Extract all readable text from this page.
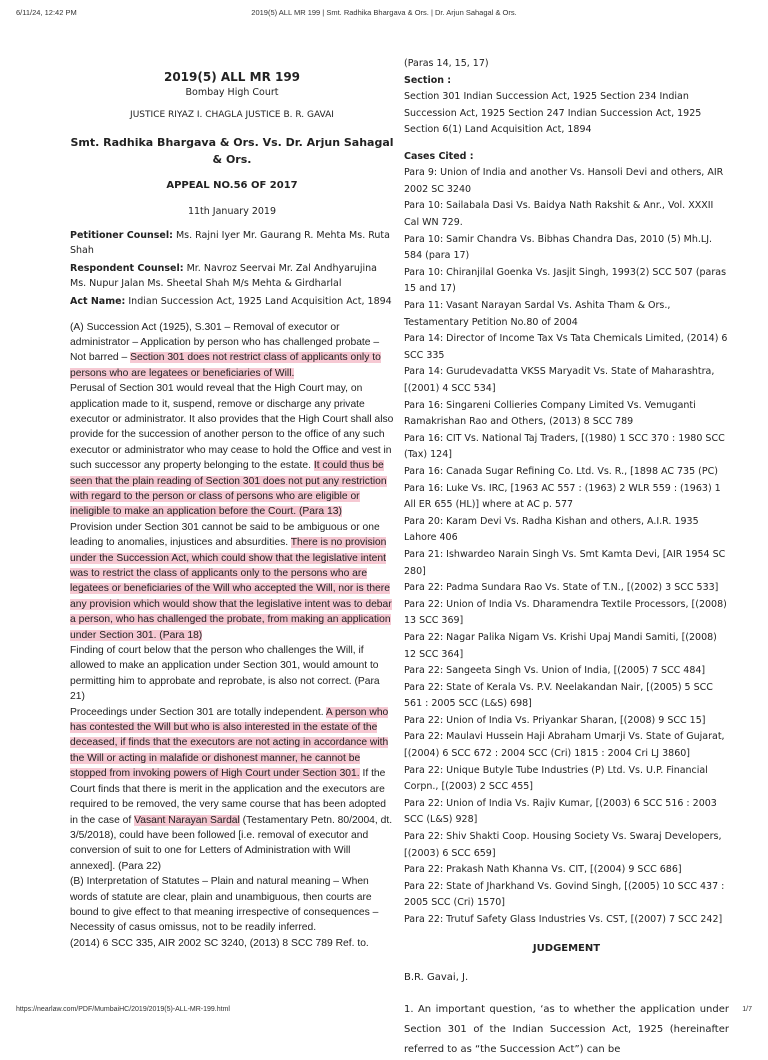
6/11/24, 12:42 PM	2019(5) ALL MR 199 | Smt. Radhika Bhargava & Ors. | Dr. Arjun Sahagal & Ors.
2019(5) ALL MR 199
Bombay High Court
JUSTICE RIYAZ I. CHAGLA JUSTICE B. R. GAVAI
Smt. Radhika Bhargava & Ors. Vs. Dr. Arjun Sahagal & Ors.
APPEAL NO.56 OF 2017
11th January 2019

Petitioner Counsel: Ms. Rajni Iyer Mr. Gaurang R. Mehta Ms. Ruta Shah

Respondent Counsel: Mr. Navroz Seervai Mr. Zal Andhyarujina Ms. Nupur Jalan Ms. Sheetal Shah M/s Mehta & Girdharlal

Act Name: Indian Succession Act, 1925 Land Acquisition Act, 1894

(A) Succession Act (1925), S.301 – Removal of executor or administrator – Application by person who has challenged probate – Not barred – Section 301 does not restrict class of applicants only to persons who are legatees or beneficiaries of Will.

Perusal of Section 301 would reveal that the High Court may, on application made to it, suspend, remove or discharge any private executor or administrator. It also provides that the High Court shall also provide for the succession of another person to the office of any such executor or administrator who may cease to hold the Office and vest in such successor any property belonging to the estate. It could thus be seen that the plain reading of Section 301 does not put any restriction with regard to the person or class of persons who are eligible or ineligible to make an application before the Court. (Para 13)

Provision under Section 301 cannot be said to be ambiguous or one leading to anomalies, injustices and absurdities. There is no provision under the Succession Act, which could show that the legislative intent was to restrict the class of applicants only to the persons who are legatees or beneficiaries of the Will who accepted the Will, nor is there any provision which would show that the legislative intent was to debar a person, who has challenged the probate, from making an application under Section 301. (Para 18)

Finding of court below that the person who challenges the Will, if allowed to make an application under Section 301, would amount to permitting him to approbate and reprobate, is also not correct. (Para 21)

Proceedings under Section 301 are totally independent. A person who has contested the Will but who is also interested in the estate of the deceased, if finds that the executors are not acting in accordance with the Will or acting in malafide or dishonest manner, he cannot be stopped from invoking powers of High Court under Section 301. If the Court finds that there is merit in the application and the executors are required to be removed, the very same course that has been adopted in the case of Vasant Narayan Sardal (Testamentary Petn. 80/2004, dt. 3/5/2018), could have been followed [i.e. removal of executor and conversion of suit to one for Letters of Administration with Will annexed]. (Para 22)

(B) Interpretation of Statutes – Plain and natural meaning – When words of statute are clear, plain and unambiguous, then courts are bound to give effect to that meaning irrespective of consequences – Necessity of casus omissus, not to be readily inferred.

(2014) 6 SCC 335, AIR 2002 SC 3240, (2013) 8 SCC 789 Ref. to.

(Paras 14, 15, 17)
Section :
Section 301 Indian Succession Act, 1925 Section 234 Indian Succession Act, 1925 Section 247 Indian Succession Act, 1925 Section 6(1) Land Acquisition Act, 1894
Cases Cited :
Para 9: Union of India and another Vs. Hansoli Devi and others, AIR 2002 SC 3240
Para 10: Sailabala Dasi Vs. Baidya Nath Rakshit & Anr., Vol. XXXII Cal WN 729.
Para 10: Samir Chandra Vs. Bibhas Chandra Das, 2010 (5) Mh.LJ. 584 (para 17)
Para 10: Chiranjilal Goenka Vs. Jasjit Singh, 1993(2) SCC 507 (paras 15 and 17)
Para 11: Vasant Narayan Sardal Vs. Ashita Tham & Ors., Testamentary Petition No.80 of 2004
Para 14: Director of Income Tax Vs Tata Chemicals Limited, (2014) 6 SCC 335
Para 14: Gurudevadatta VKSS Maryadit Vs. State of Maharashtra, [(2001) 4 SCC 534]
Para 16: Singareni Collieries Company Limited Vs. Vemuganti Ramakrishan Rao and Others, (2013) 8 SCC 789
Para 16: CIT Vs. National Taj Traders, [(1980) 1 SCC 370 : 1980 SCC (Tax) 124]
Para 16: Canada Sugar Refining Co. Ltd. Vs. R., [1898 AC 735 (PC)
Para 16: Luke Vs. IRC, [1963 AC 557 : (1963) 2 WLR 559 : (1963) 1 All ER 655 (HL)] where at AC p. 577
Para 20: Karam Devi Vs. Radha Kishan and others, A.I.R. 1935 Lahore 406
Para 21: Ishwardeo Narain Singh Vs. Smt Kamta Devi, [AIR 1954 SC 280]
Para 22: Padma Sundara Rao Vs. State of T.N., [(2002) 3 SCC 533]
Para 22: Union of India Vs. Dharamendra Textile Processors, [(2008) 13 SCC 369]
Para 22: Nagar Palika Nigam Vs. Krishi Upaj Mandi Samiti, [(2008) 12 SCC 364]
Para 22: Sangeeta Singh Vs. Union of India, [(2005) 7 SCC 484]
Para 22: State of Kerala Vs. P.V. Neelakandan Nair, [(2005) 5 SCC 561 : 2005 SCC (L&S) 698]
Para 22: Union of India Vs. Priyankar Sharan, [(2008) 9 SCC 15]
Para 22: Maulavi Hussein Haji Abraham Umarji Vs. State of Gujarat, [(2004) 6 SCC 672 : 2004 SCC (Cri) 1815 : 2004 Cri LJ 3860]
Para 22: Unique Butyle Tube Industries (P) Ltd. Vs. U.P. Financial Corpn., [(2003) 2 SCC 455]
Para 22: Union of India Vs. Rajiv Kumar, [(2003) 6 SCC 516 : 2003 SCC (L&S) 928]
Para 22: Shiv Shakti Coop. Housing Society Vs. Swaraj Developers, [(2003) 6 SCC 659]
Para 22: Prakash Nath Khanna Vs. CIT, [(2004) 9 SCC 686]
Para 22: State of Jharkhand Vs. Govind Singh, [(2005) 10 SCC 437 : 2005 SCC (Cri) 1570]
Para 22: Trutuf Safety Glass Industries Vs. CST, [(2007) 7 SCC 242]
JUDGEMENT
B.R. Gavai, J.
1. An important question, ‘as to whether the application under Section 301 of the Indian Succession Act, 1925 (hereinafter referred to as “the Succession Act”) can be
https://nearlaw.com/PDF/MumbaiHC/2019/2019(5)-ALL-MR-199.html	1/7
